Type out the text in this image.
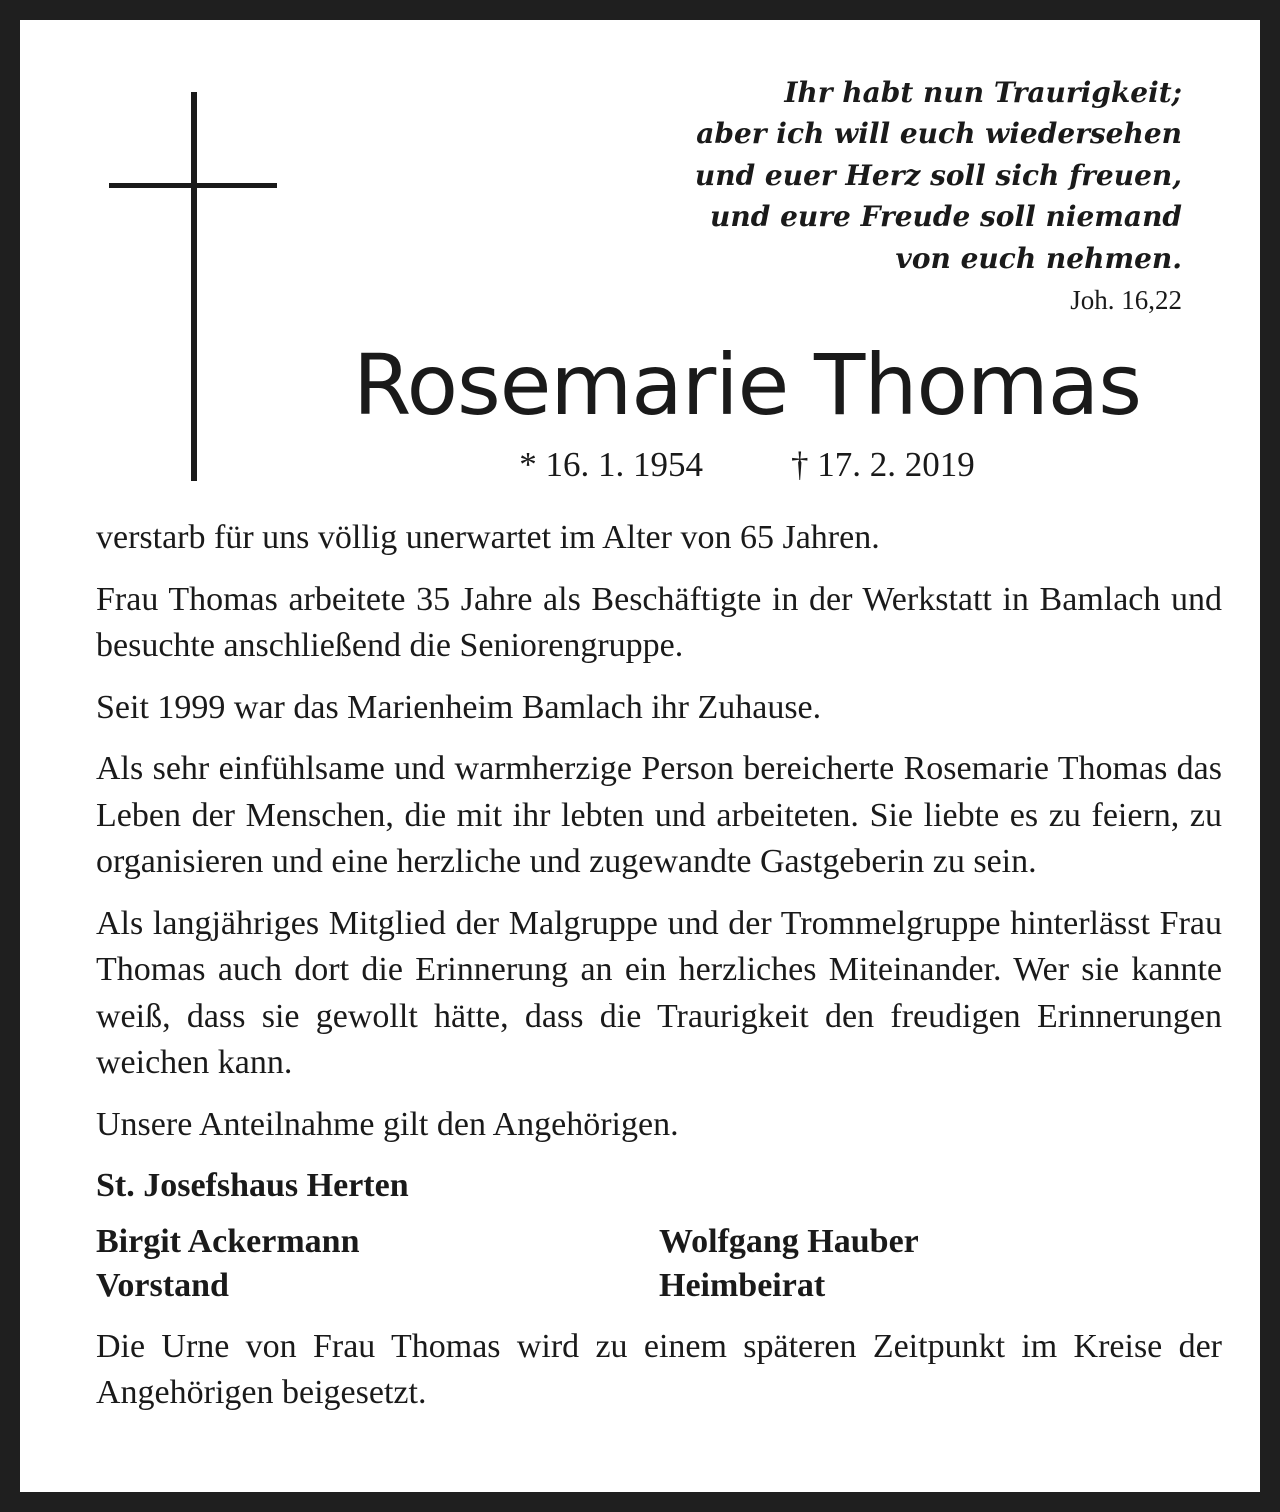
Ihr habt nun Traurigkeit;
aber ich will euch wiedersehen
und euer Herz soll sich freuen,
und eure Freude soll niemand
von euch nehmen.
Joh. 16,22
Rosemarie Thomas
* 16. 1. 1954	† 17. 2. 2019

verstarb für uns völlig unerwartet im Alter von 65 Jahren.

Frau Thomas arbeitete 35 Jahre als Beschäftigte in der Werkstatt in Bamlach und besuchte anschließend die Seniorengruppe.

Seit 1999 war das Marienheim Bamlach ihr Zuhause.

Als sehr einfühlsame und warmherzige Person bereicherte Rosemarie Thomas das Leben der Menschen, die mit ihr lebten und arbeiteten. Sie liebte es zu feiern, zu organisieren und eine herzliche und zugewandte Gastgeberin zu sein.

Als langjähriges Mitglied der Malgruppe und der Trommelgruppe hinterlässt Frau Thomas auch dort die Erinnerung an ein herzliches Miteinander. Wer sie kannte weiß, dass sie gewollt hätte, dass die Traurigkeit den freudigen Erinnerungen weichen kann.

Unsere Anteilnahme gilt den Angehörigen.

St. Josefshaus Herten
Birgit Ackermann
Vorstand
Wolfgang Hauber
Heimbeirat

Die Urne von Frau Thomas wird zu einem späteren Zeitpunkt im Kreise der Angehörigen beigesetzt.
